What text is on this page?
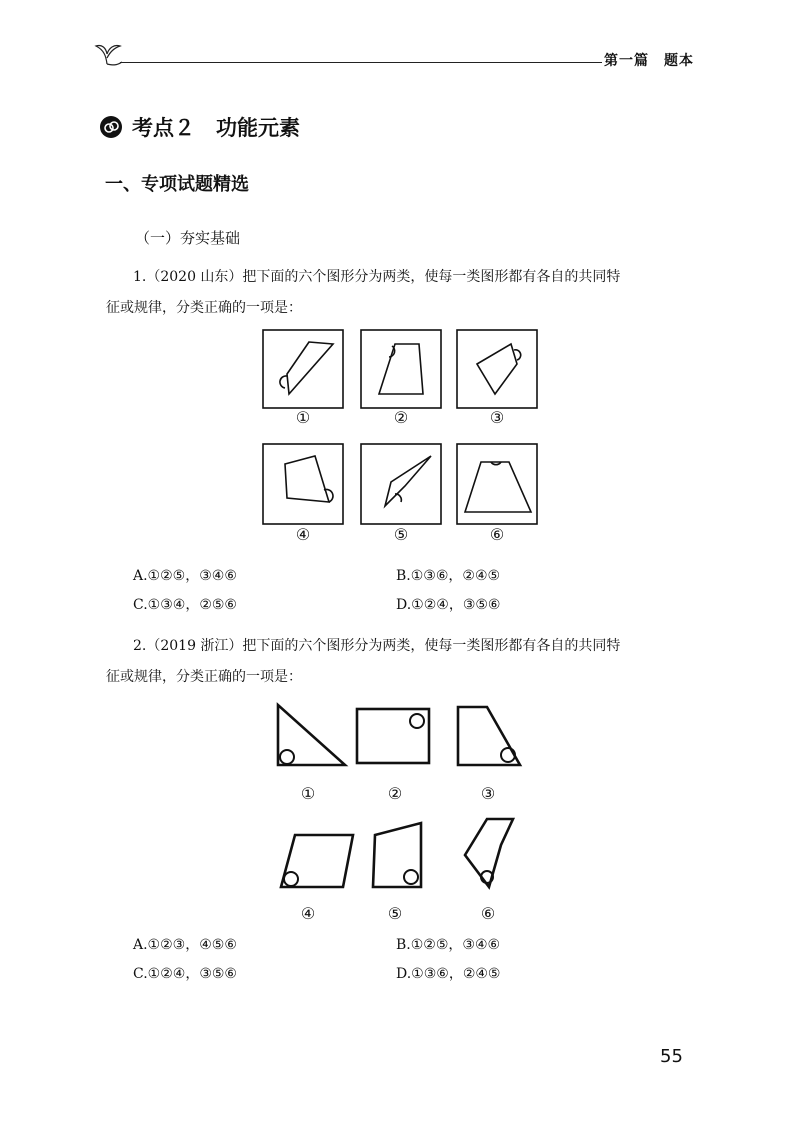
第一篇　题本
考点２　功能元素
一、专项试题精选
（一）夯实基础
1.（2020 山东）把下面的六个图形分为两类，使每一类图形都有各自的共同特
征或规律，分类正确的一项是：
①	②	③
④	⑤	⑥
A.①②⑤，③④⑥	B.①③⑥，②④⑤
C.①③④，②⑤⑥	D.①②④，③⑤⑥
2.（2019 浙江）把下面的六个图形分为两类，使每一类图形都有各自的共同特
征或规律，分类正确的一项是：
①	②	③
④	⑤	⑥
A.①②③，④⑤⑥	B.①②⑤，③④⑥
C.①②④，③⑤⑥	D.①③⑥，②④⑤
55
